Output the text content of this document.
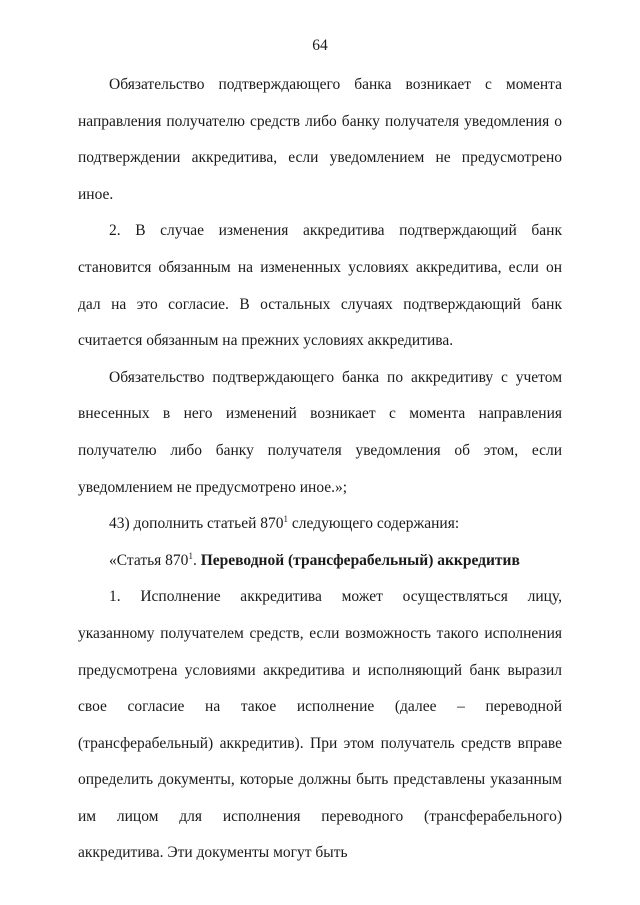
64

Обязательство подтверждающего банка возникает с момента направления получателю средств либо банку получателя уведомления о подтверждении аккредитива, если уведомлением не предусмотрено иное.

2. В случае изменения аккредитива подтверждающий банк становится обязанным на измененных условиях аккредитива, если он дал на это согласие. В остальных случаях подтверждающий банк считается обязанным на прежних условиях аккредитива.

Обязательство подтверждающего банка по аккредитиву с учетом внесенных в него изменений возникает с момента направления получателю либо банку получателя уведомления об этом, если уведомлением не предусмотрено иное.»;

43) дополнить статьей $870^1$ следующего содержания:

«Статья $870^1$. Переводной (трансферабельный) аккредитив

1. Исполнение аккредитива может осуществляться лицу, указанному получателем средств, если возможность такого исполнения предусмотрена условиями аккредитива и исполняющий банк выразил свое согласие на такое исполнение (далее – переводной (трансферабельный) аккредитив). При этом получатель средств вправе определить документы, которые должны быть представлены указанным им лицом для исполнения переводного (трансферабельного) аккредитива. Эти документы могут быть
